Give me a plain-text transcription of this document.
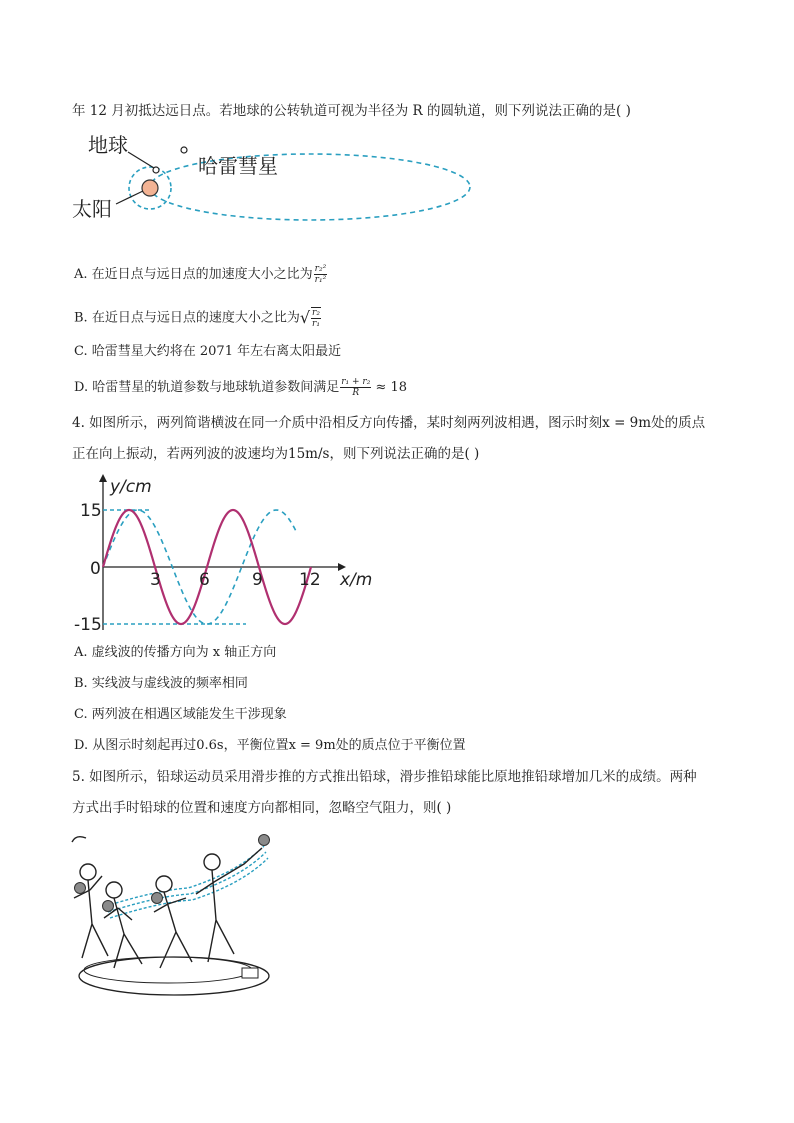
年 12 月初抵达远日点。若地球的公转轨道可视为半径为 R 的圆轨道，则下列说法正确的是( )
地球
哈雷彗星
太阳
A. 在近日点与远日点的加速度大小之比为 $\frac{\text{r₂²}}{\text{r₁²}}$
B. 在近日点与远日点的速度大小之比为√ $\frac{\text{r₂}}{\text{r₁}}$
C. 哈雷彗星大约将在 2071 年左右离太阳最近
D. 哈雷彗星的轨道参数与地球轨道参数间满足 $\frac{\text{r₁ + r₂}}{R} \approx 18$
4. 如图所示，两列简谐横波在同一介质中沿相反方向传播，某时刻两列波相遇，图示时刻x = 9m处的质点
正在向上振动，若两列波的波速均为15m/s，则下列说法正确的是( )
y/cm
x/m
0
15
-15
3 6 9 12
A. 虚线波的传播方向为 x 轴正方向
B. 实线波与虚线波的频率相同
C. 两列波在相遇区域能发生干涉现象
D. 从图示时刻起再过0.6s，平衡位置x = 9m处的质点位于平衡位置
5. 如图所示，铅球运动员采用滑步推的方式推出铅球，滑步推铅球能比原地推铅球增加几米的成绩。两种
方式出手时铅球的位置和速度方向都相同，忽略空气阻力，则( )
